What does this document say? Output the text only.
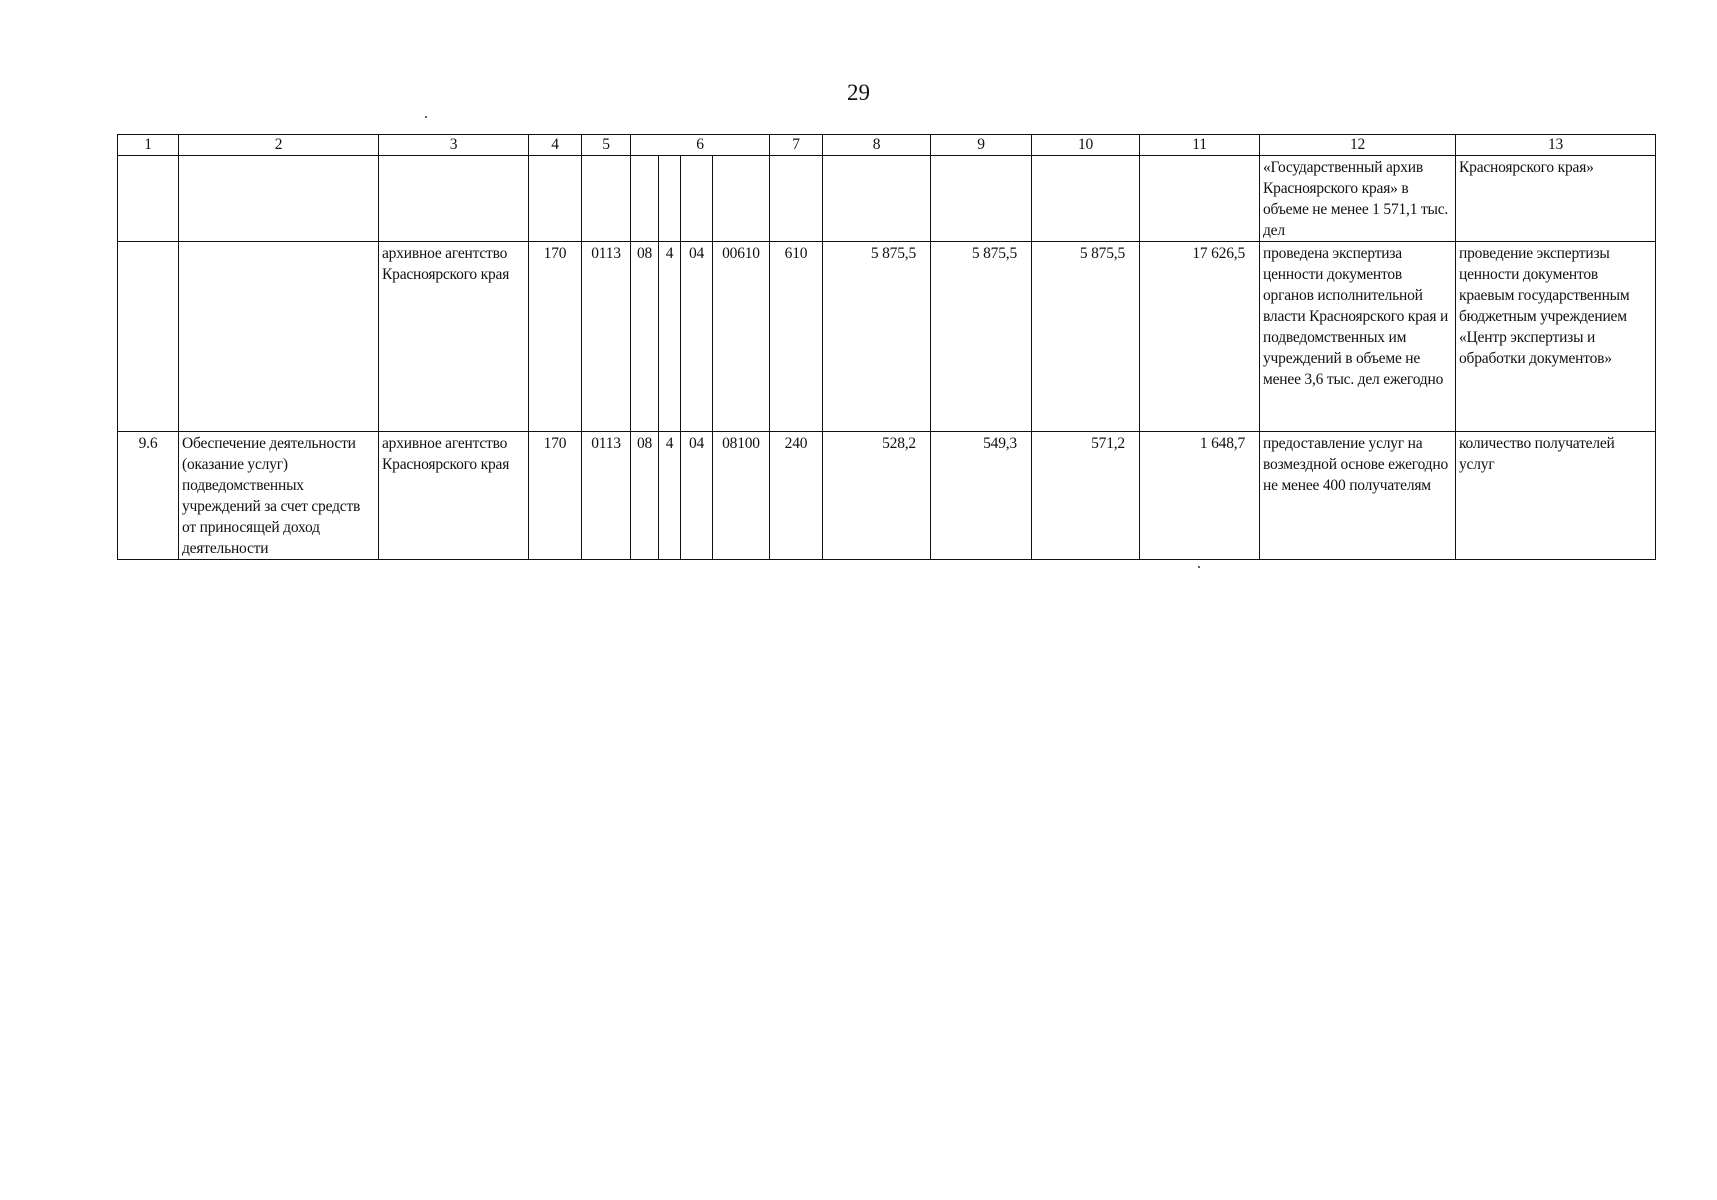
29
1	2	3	4	5	6				7	8	9	10	11	12	13
														«Государственный архив Красноярского края» в объеме не менее 1 571,1 тыс. дел	Красноярского края»
		архивное агентство Красноярского края	170	0113	08	4	04	00610	610	5 875,5	5 875,5	5 875,5	17 626,5	проведена экспертиза ценности документов органов исполнительной власти Красноярского края и подведомственных им учреждений в объеме не менее 3,6 тыс. дел ежегодно	проведение экспертизы ценности документов краевым государственным бюджетным учреждением «Центр экспертизы и обработки документов»
9.6	Обеспечение деятельности (оказание услуг) подведомственных учреждений за счет средств от приносящей доход деятельности	архивное агентство Красноярского края	170	0113	08	4	04	08100	240	528,2	549,3	571,2	1 648,7	предоставление услуг на возмездной основе ежегодно не менее 400 получателям	количество получателей услуг
